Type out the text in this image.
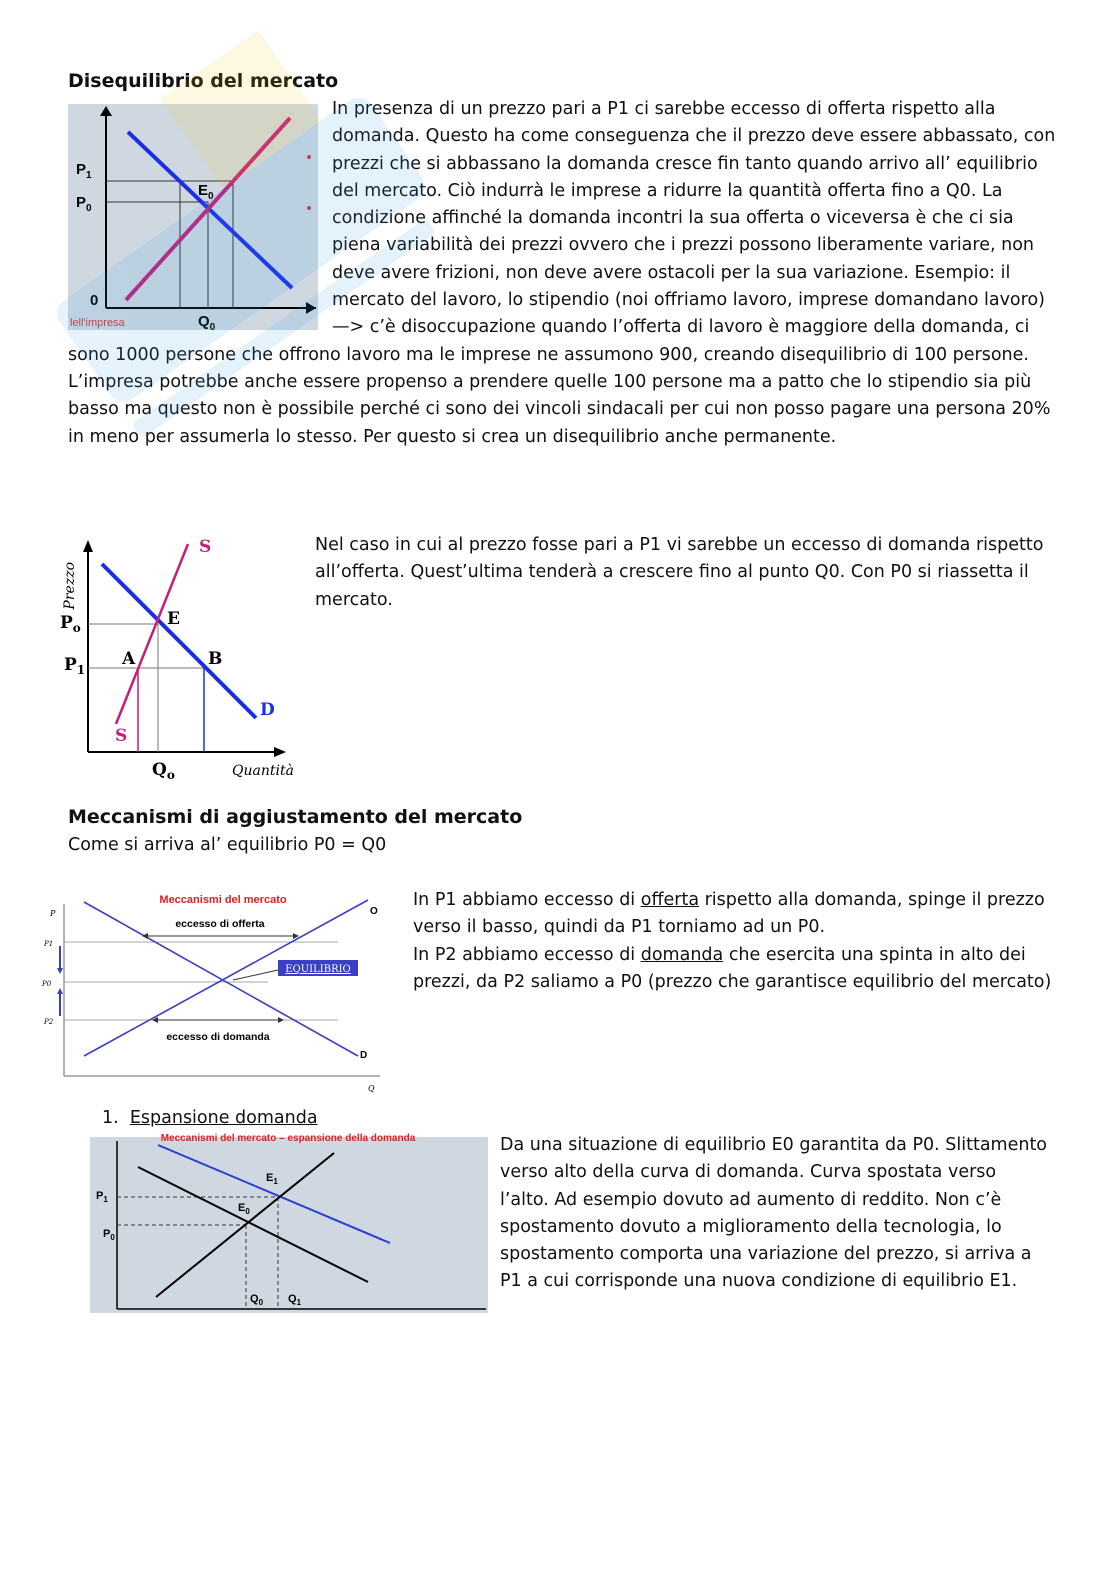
Disequilibrio del mercato
$P_1$
$P_0$
0
$E_0$
$Q_0$
lell'impresa

In presenza di un prezzo pari a P1 ci sarebbe eccesso di offerta rispetto alla domanda. Questo ha come conseguenza che il prezzo deve essere abbassato, con prezzi che si abbassano la domanda cresce fin tanto quando arrivo all’ equilibrio del mercato. Ciò indurrà le imprese a ridurre la quantità offerta fino a Q0. La condizione affinché la domanda incontri la sua offerta o viceversa è che ci sia piena variabilità dei prezzi ovvero che i prezzi possono liberamente variare, non deve avere frizioni, non deve avere ostacoli per la sua variazione. Esempio: il mercato del lavoro, lo stipendio (noi offriamo lavoro, imprese domandano lavoro) —> c’è disoccupazione quando l’offerta di lavoro è maggiore della domanda, ci sono 1000 persone che offrono lavoro ma le imprese ne assumono 900, creando disequilibrio di 100 persone. L’impresa potrebbe anche essere propenso a prendere quelle 100 persone ma a patto che lo stipendio sia più basso ma questo non è possibile perché ci sono dei vincoli sindacali per cui non posso pagare una persona 20% in meno per assumerla lo stesso. Per questo si crea un disequilibrio anche permanente.

Prezzo
Quantità
S
S
E
A	B
D
$P_o$
$P_1$
$Q_o$

Nel caso in cui al prezzo fosse pari a P1 vi sarebbe un eccesso di domanda rispetto all’offerta. Quest’ultima tenderà a crescere fino al punto Q0. Con P0 si riassetta il mercato.

Meccanismi di aggiustamento del mercato
Come si arriva al’ equilibrio P0 = Q0
EQUILIBRIO
Meccanismi del mercato
eccesso di offerta
eccesso di domanda
O
D
P
Q
P1
P0
P2

In P1 abbiamo eccesso di offerta rispetto alla domanda, spinge il prezzo verso il basso, quindi da P1 torniamo ad un P0.

In P2 abbiamo eccesso di domanda che esercita una spinta in alto dei prezzi, da P2 saliamo a P0 (prezzo che garantisce equilibrio del mercato)

1. Espansione domanda
Meccanismi del mercato – espansione della domanda
$E_1$
$E_0$
$P_1$
$P_0$
$Q_0$ $Q_1$

Da una situazione di equilibrio E0 garantita da P0. Slittamento verso alto della curva di domanda. Curva spostata verso l’alto. Ad esempio dovuto ad aumento di reddito. Non c’è spostamento dovuto a miglioramento della tecnologia, lo spostamento comporta una variazione del prezzo, si arriva a P1 a cui corrisponde una nuova condizione di equilibrio E1.
